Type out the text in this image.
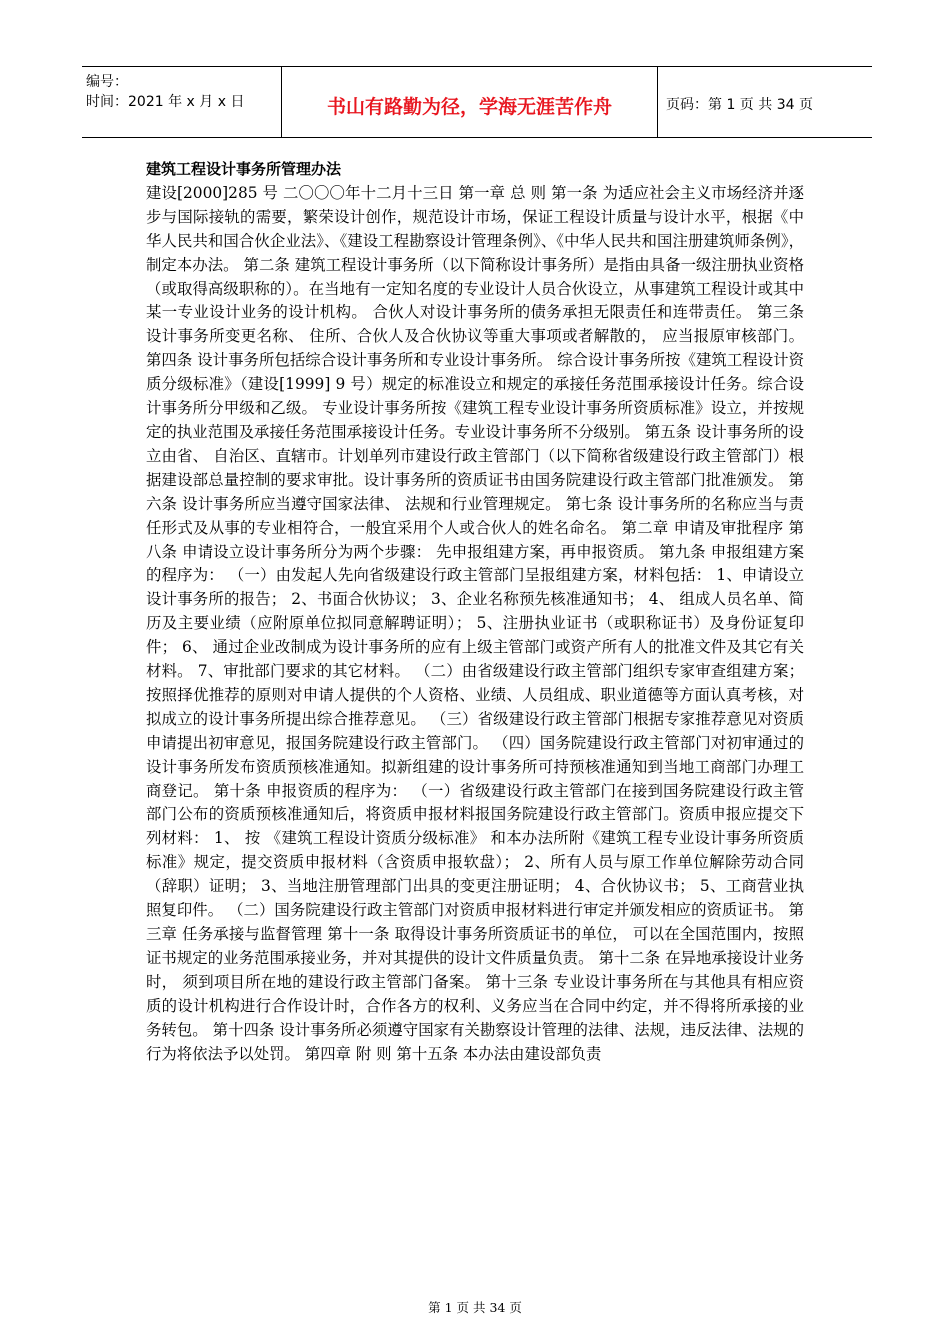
编号：
时间：2021 年 x 月 x 日	书山有路勤为径，学海无涯苦作舟	页码：第 1 页 共 34 页
建筑工程设计事务所管理办法

建设[2000]285 号 二〇〇〇年十二月十三日 第一章 总 则 第一条 为适应社会主义市场经济并逐步与国际接轨的需要，繁荣设计创作，规范设计市场，保证工程设计质量与设计水平，根据《中华人民共和国合伙企业法》、《建设工程勘察设计管理条例》、《中华人民共和国注册建筑师条例》，制定本办法。 第二条 建筑工程设计事务所（以下简称设计事务所）是指由具备一级注册执业资格（或取得高级职称的）。在当地有一定知名度的专业设计人员合伙设立，从事建筑工程设计或其中某一专业设计业务的设计机构。 合伙人对设计事务所的债务承担无限责任和连带责任。 第三条 设计事务所变更名称、 住所、合伙人及合伙协议等重大事项或者解散的， 应当报原审核部门。 第四条 设计事务所包括综合设计事务所和专业设计事务所。 综合设计事务所按《建筑工程设计资质分级标准》（建设[1999] 9 号）规定的标准设立和规定的承接任务范围承接设计任务。综合设计事务所分甲级和乙级。 专业设计事务所按《建筑工程专业设计事务所资质标准》设立，并按规定的执业范围及承接任务范围承接设计任务。专业设计事务所不分级别。 第五条 设计事务所的设立由省、 自治区、直辖市。计划单列市建设行政主管部门（以下简称省级建设行政主管部门）根据建设部总量控制的要求审批。设计事务所的资质证书由国务院建设行政主管部门批准颁发。 第六条 设计事务所应当遵守国家法律、 法规和行业管理规定。 第七条 设计事务所的名称应当与责任形式及从事的专业相符合，一般宜采用个人或合伙人的姓名命名。 第二章 申请及审批程序 第八条 申请设立设计事务所分为两个步骤： 先申报组建方案，再申报资质。 第九条 申报组建方案的程序为： （一）由发起人先向省级建设行政主管部门呈报组建方案，材料包括： 1、申请设立设计事务所的报告； 2、书面合伙协议； 3、企业名称预先核准通知书； 4、 组成人员名单、简历及主要业绩（应附原单位拟同意解聘证明）； 5、注册执业证书（或职称证书）及身份证复印件； 6、 通过企业改制成为设计事务所的应有上级主管部门或资产所有人的批准文件及其它有关材料。 7、审批部门要求的其它材料。 （二）由省级建设行政主管部门组织专家审查组建方案；按照择优推荐的原则对申请人提供的个人资格、业绩、人员组成、职业道德等方面认真考核，对拟成立的设计事务所提出综合推荐意见。 （三）省级建设行政主管部门根据专家推荐意见对资质申请提出初审意见，报国务院建设行政主管部门。 （四）国务院建设行政主管部门对初审通过的设计事务所发布资质预核准通知。拟新组建的设计事务所可持预核准通知到当地工商部门办理工商登记。 第十条 申报资质的程序为： （一）省级建设行政主管部门在接到国务院建设行政主管部门公布的资质预核准通知后，将资质申报材料报国务院建设行政主管部门。资质申报应提交下列材料： 1、 按 《建筑工程设计资质分级标准》 和本办法所附《建筑工程专业设计事务所资质标准》规定，提交资质申报材料（含资质申报软盘）； 2、所有人员与原工作单位解除劳动合同（辞职）证明； 3、当地注册管理部门出具的变更注册证明； 4、合伙协议书； 5、工商营业执照复印件。 （二）国务院建设行政主管部门对资质申报材料进行审定并颁发相应的资质证书。 第三章 任务承接与监督管理 第十一条 取得设计事务所资质证书的单位， 可以在全国范围内，按照证书规定的业务范围承接业务，并对其提供的设计文件质量负责。 第十二条 在异地承接设计业务时， 须到项目所在地的建设行政主管部门备案。 第十三条 专业设计事务所在与其他具有相应资质的设计机构进行合作设计时，合作各方的权利、义务应当在合同中约定，并不得将所承接的业务转包。 第十四条 设计事务所必须遵守国家有关勘察设计管理的法律、法规，违反法律、法规的行为将依法予以处罚。 第四章 附 则 第十五条 本办法由建设部负责

第 1 页 共 34 页
